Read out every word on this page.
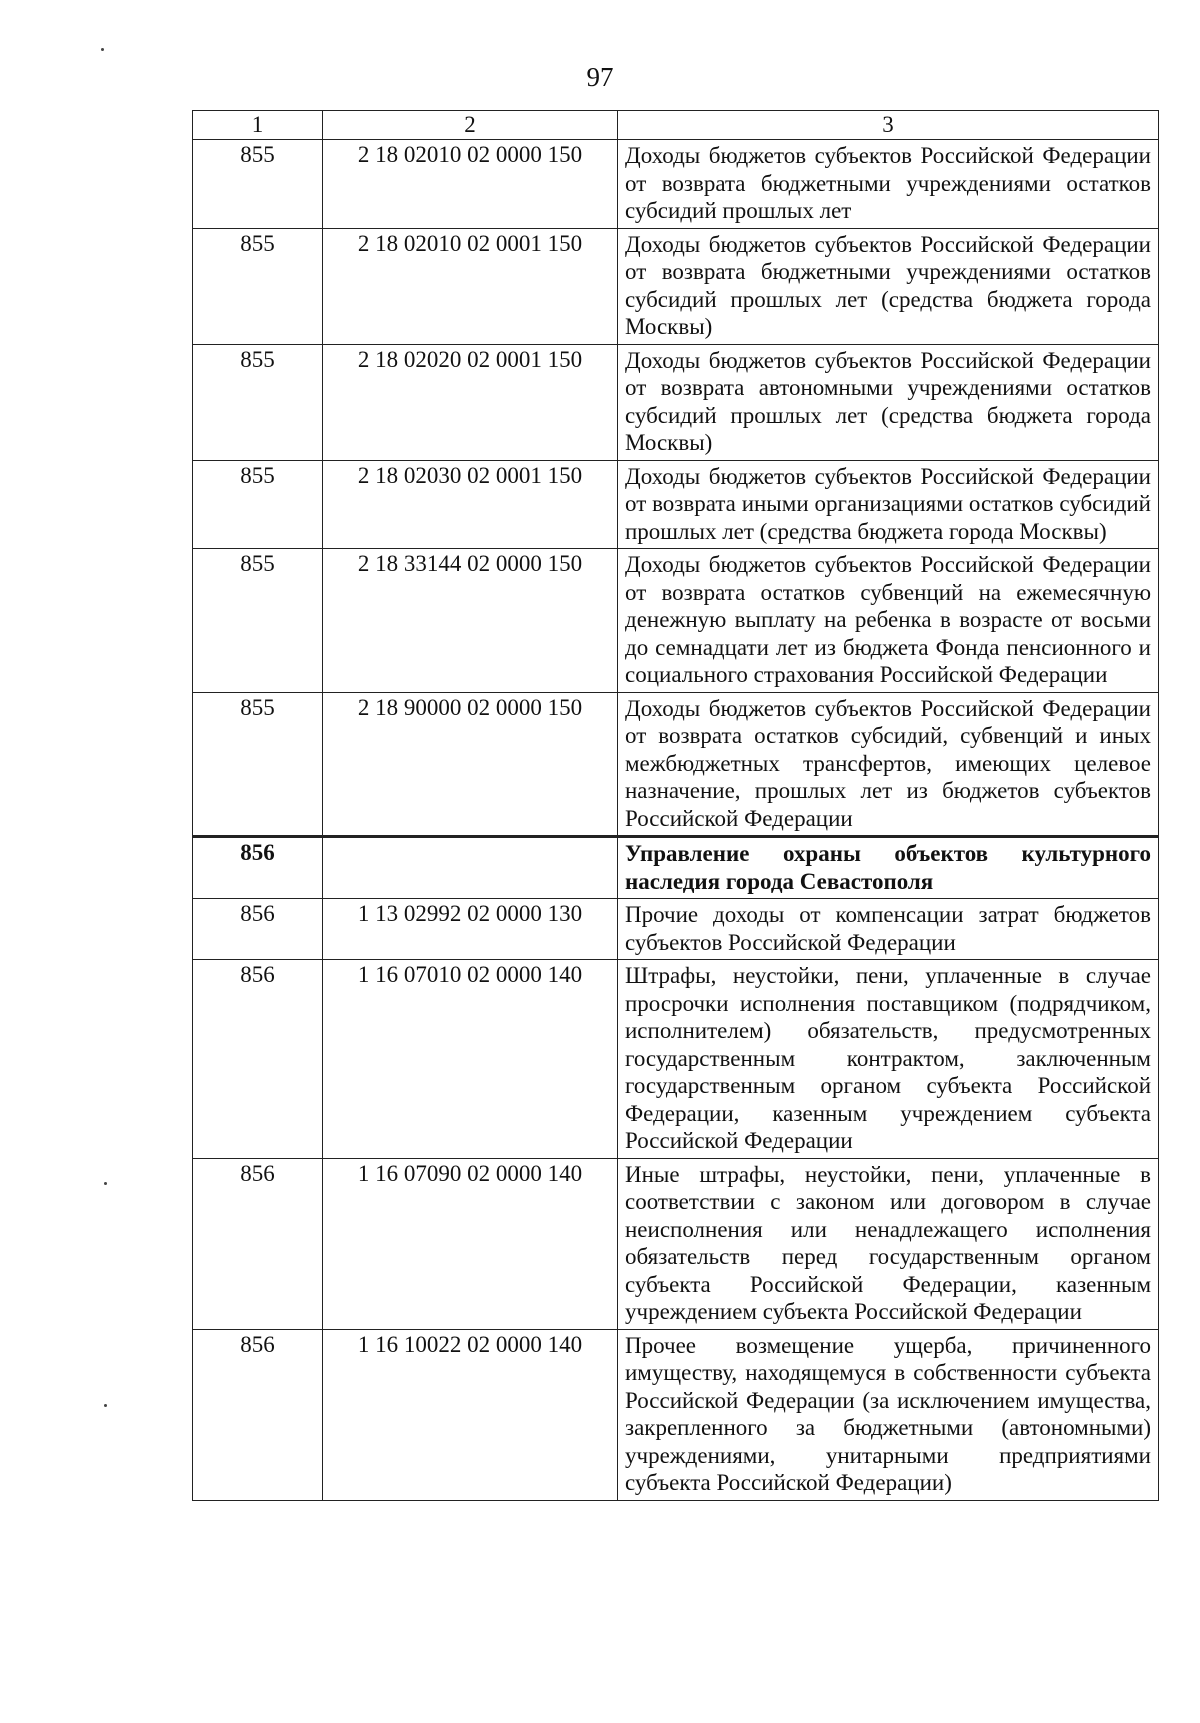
97
1	2	3
855	2 18 02010 02 0000 150	Доходы бюджетов субъектов Российской Федерации от возврата бюджетными учреждениями остатков субсидий прошлых лет
855	2 18 02010 02 0001 150	Доходы бюджетов субъектов Российской Федерации от возврата бюджетными учреждениями остатков субсидий прошлых лет (средства бюджета города Москвы)
855	2 18 02020 02 0001 150	Доходы бюджетов субъектов Российской Федерации от возврата автономными учреждениями остатков субсидий прошлых лет (средства бюджета города Москвы)
855	2 18 02030 02 0001 150	Доходы бюджетов субъектов Российской Федерации от возврата иными организациями остатков субсидий прошлых лет (средства бюджета города Москвы)
855	2 18 33144 02 0000 150	Доходы бюджетов субъектов Российской Федерации от возврата остатков субвенций на ежемесячную денежную выплату на ребенка в возрасте от восьми до семнадцати лет из бюджета Фонда пенсионного и социального страхования Российской Федерации
855	2 18 90000 02 0000 150	Доходы бюджетов субъектов Российской Федерации от возврата остатков субсидий, субвенций и иных межбюджетных трансфертов, имеющих целевое назначение, прошлых лет из бюджетов субъектов Российской Федерации
856		Управление охраны объектов культурного наследия города Севастополя
856	1 13 02992 02 0000 130	Прочие доходы от компенсации затрат бюджетов субъектов Российской Федерации
856	1 16 07010 02 0000 140	Штрафы, неустойки, пени, уплаченные в случае просрочки исполнения поставщиком (подрядчиком, исполнителем) обязательств, предусмотренных государственным контрактом, заключенным государственным органом субъекта Российской Федерации, казенным учреждением субъекта Российской Федерации
856	1 16 07090 02 0000 140	Иные штрафы, неустойки, пени, уплаченные в соответствии с законом или договором в случае неисполнения или ненадлежащего исполнения обязательств перед государственным органом субъекта Российской Федерации, казенным учреждением субъекта Российской Федерации
856	1 16 10022 02 0000 140	Прочее возмещение ущерба, причиненного имуществу, находящемуся в собственности субъекта Российской Федерации (за исключением имущества, закрепленного за бюджетными (автономными) учреждениями, унитарными предприятиями субъекта Российской Федерации)
